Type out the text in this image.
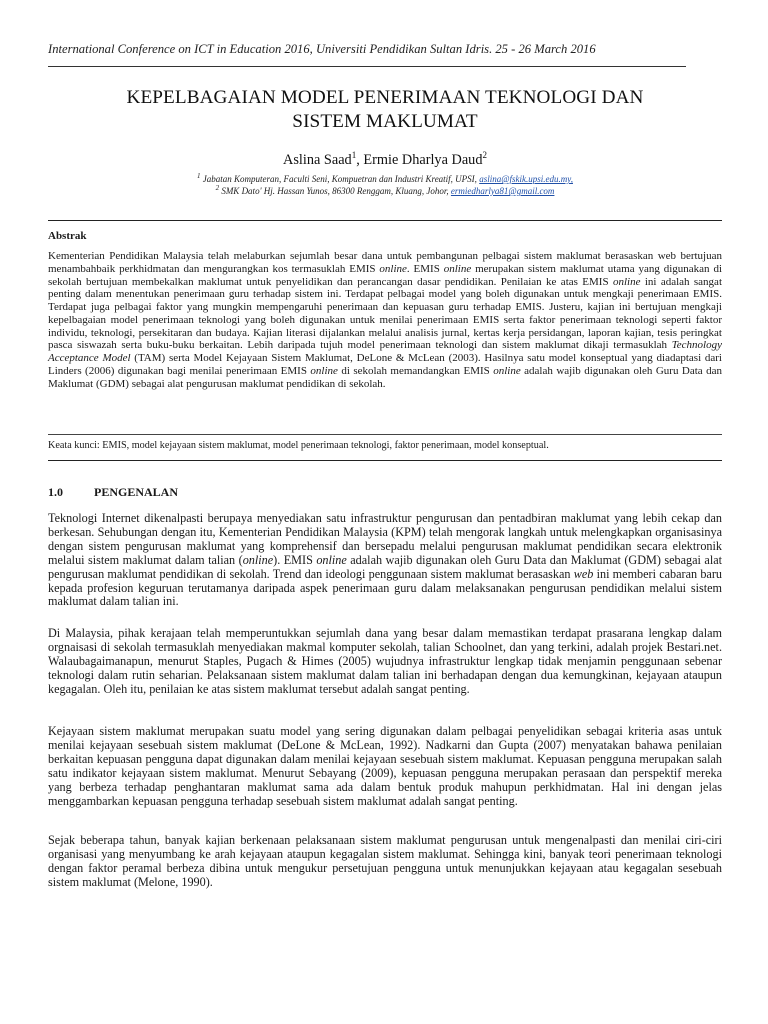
International Conference on ICT in Education 2016, Universiti Pendidikan Sultan Idris. 25 - 26 March 2016
KEPELBAGAIAN MODEL PENERIMAAN TEKNOLOGI DAN
SISTEM MAKLUMAT
Aslina Saad$^1$, Ermie Dharlya Daud$^2$
$^1$ Jabatan Komputeran, Faculti Seni, Kompuetran dan Industri Kreatif, UPSI, aslina@fskik.upsi.edu.my,
$^2$ SMK Dato' Hj. Hassan Yunos, 86300 Renggam, Kluang, Johor, ermiedharlya81@gmail.com
Abstrak
Kementerian Pendidikan Malaysia telah melaburkan sejumlah besar dana untuk pembangunan pelbagai sistem maklumat berasaskan web bertujuan menambahbaik perkhidmatan dan mengurangkan kos termasuklah EMIS online. EMIS online merupakan sistem maklumat utama yang digunakan di sekolah bertujuan membekalkan maklumat untuk penyelidikan dan perancangan dasar pendidikan. Penilaian ke atas EMIS online ini adalah sangat penting dalam menentukan penerimaan guru terhadap sistem ini. Terdapat pelbagai model yang boleh digunakan untuk mengkaji penerimaan EMIS. Terdapat juga pelbagai faktor yang mungkin mempengaruhi penerimaan dan kepuasan guru terhadap EMIS. Justeru, kajian ini bertujuan mengkaji kepelbagaian model penerimaan teknologi yang boleh digunakan untuk menilai penerimaan EMIS serta faktor penerimaan teknologi seperti faktor individu, teknologi, persekitaran dan budaya. Kajian literasi dijalankan melalui analisis jurnal, kertas kerja persidangan, laporan kajian, tesis peringkat pasca siswazah serta buku-buku berkaitan. Lebih daripada tujuh model penerimaan teknologi dan sistem maklumat dikaji termasuklah Technology Acceptance Model (TAM) serta Model Kejayaan Sistem Maklumat, DeLone & McLean (2003). Hasilnya satu model konseptual yang diadaptasi dari Linders (2006) digunakan bagi menilai penerimaan EMIS online di sekolah memandangkan EMIS online adalah wajib digunakan oleh Guru Data dan Maklumat (GDM) sebagai alat pengurusan maklumat pendidikan di sekolah.
Keata kunci: EMIS, model kejayaan sistem maklumat, model penerimaan teknologi, faktor penerimaan, model konseptual.
1.0	PENGENALAN
Teknologi Internet dikenalpasti berupaya menyediakan satu infrastruktur pengurusan dan pentadbiran maklumat yang lebih cekap dan berkesan. Sehubungan dengan itu, Kementerian Pendidikan Malaysia (KPM) telah mengorak langkah untuk melengkapkan organisasinya dengan sistem pengurusan maklumat yang komprehensif dan bersepadu melalui pengurusan maklumat pendidikan secara elektronik melalui sistem maklumat dalam talian (online). EMIS online adalah wajib digunakan oleh Guru Data dan Maklumat (GDM) sebagai alat pengurusan maklumat pendidikan di sekolah. Trend dan ideologi penggunaan sistem maklumat berasaskan web ini memberi cabaran baru kepada profesion keguruan terutamanya daripada aspek penerimaan guru dalam melaksanakan pengurusan pendidikan melalui sistem maklumat dalam talian ini.
Di Malaysia, pihak kerajaan telah memperuntukkan sejumlah dana yang besar dalam memastikan terdapat prasarana lengkap dalam orgnaisasi di sekolah termasuklah menyediakan makmal komputer sekolah, talian Schoolnet, dan yang terkini, adalah projek Bestari.net. Walaubagaimanapun, menurut Staples, Pugach & Himes (2005) wujudnya infrastruktur lengkap tidak menjamin penggunaan sebenar teknologi dalam rutin seharian. Pelaksanaan sistem maklumat dalam talian ini berhadapan dengan dua kemungkinan, kejayaan ataupun kegagalan. Oleh itu, penilaian ke atas sistem maklumat tersebut adalah sangat penting.
Kejayaan sistem maklumat merupakan suatu model yang sering digunakan dalam pelbagai penyelidikan sebagai kriteria asas untuk menilai kejayaan sesebuah sistem maklumat (DeLone & McLean, 1992). Nadkarni dan Gupta (2007) menyatakan bahawa penilaian berkaitan kepuasan pengguna dapat digunakan dalam menilai kejayaan sesebuah sistem maklumat. Kepuasan pengguna merupakan salah satu indikator kejayaan sistem maklumat. Menurut Sebayang (2009), kepuasan pengguna merupakan perasaan dan perspektif mereka yang berbeza terhadap penghantaran maklumat sama ada dalam bentuk produk mahupun perkhidmatan. Hal ini dengan jelas menggambarkan kepuasan pengguna terhadap sesebuah sistem maklumat adalah sangat penting.
Sejak beberapa tahun, banyak kajian berkenaan pelaksanaan sistem maklumat pengurusan untuk mengenalpasti dan menilai ciri-ciri organisasi yang menyumbang ke arah kejayaan ataupun kegagalan sistem maklumat. Sehingga kini, banyak teori penerimaan teknologi dengan faktor peramal berbeza dibina untuk mengukur persetujuan pengguna untuk menunjukkan kejayaan atau kegagalan sesebuah sistem maklumat (Melone, 1990).
